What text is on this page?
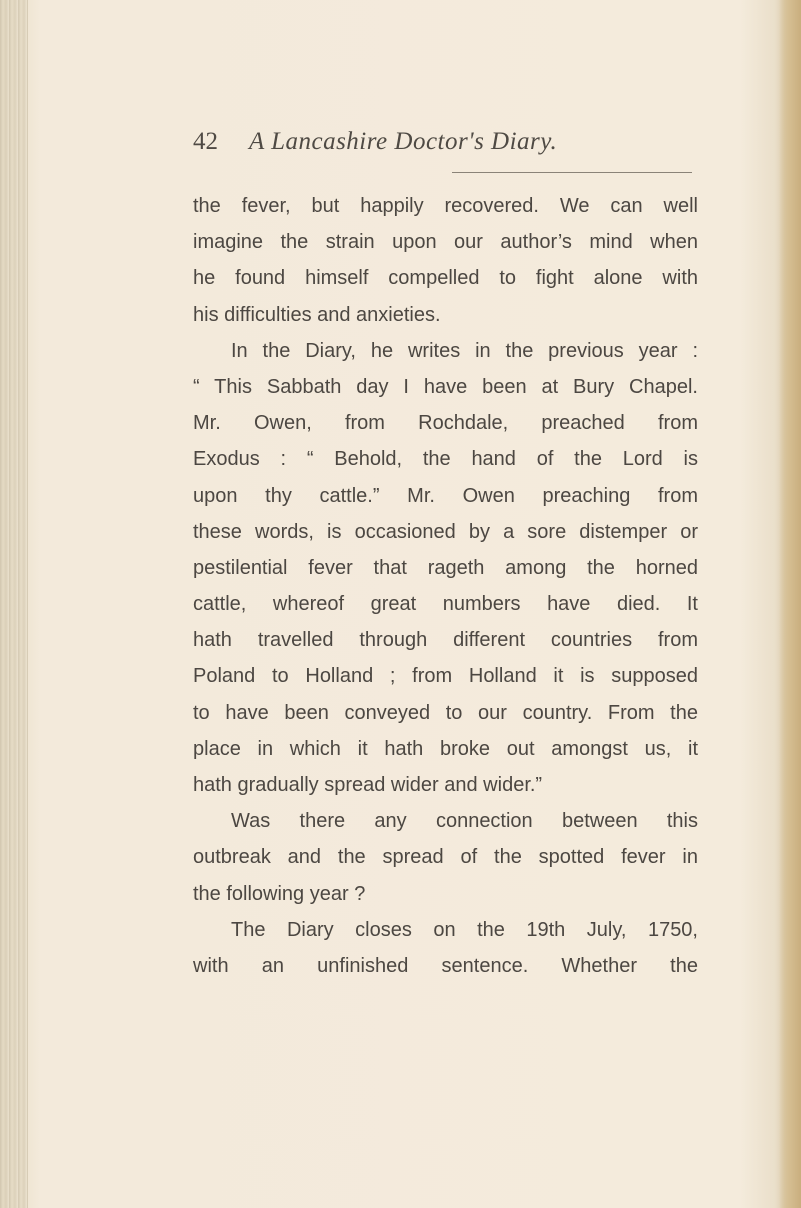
42 A Lancashire Doctor's Diary.
the fever, but happily recovered. We can well
imagine the strain upon our author’s mind when
he found himself compelled to fight alone with
his difficulties and anxieties.
In the Diary, he writes in the previous year :
“ This Sabbath day I have been at Bury Chapel.
Mr. Owen, from Rochdale, preached from
Exodus : “ Behold, the hand of the Lord is
upon thy cattle.” Mr. Owen preaching from
these words, is occasioned by a sore distemper or
pestilential fever that rageth among the horned
cattle, whereof great numbers have died. It
hath travelled through different countries from
Poland to Holland ; from Holland it is supposed
to have been conveyed to our country. From the
place in which it hath broke out amongst us, it
hath gradually spread wider and wider.”
Was there any connection between this
outbreak and the spread of the spotted fever in
the following year ?
The Diary closes on the 19th July, 1750,
with an unfinished sentence. Whether the
